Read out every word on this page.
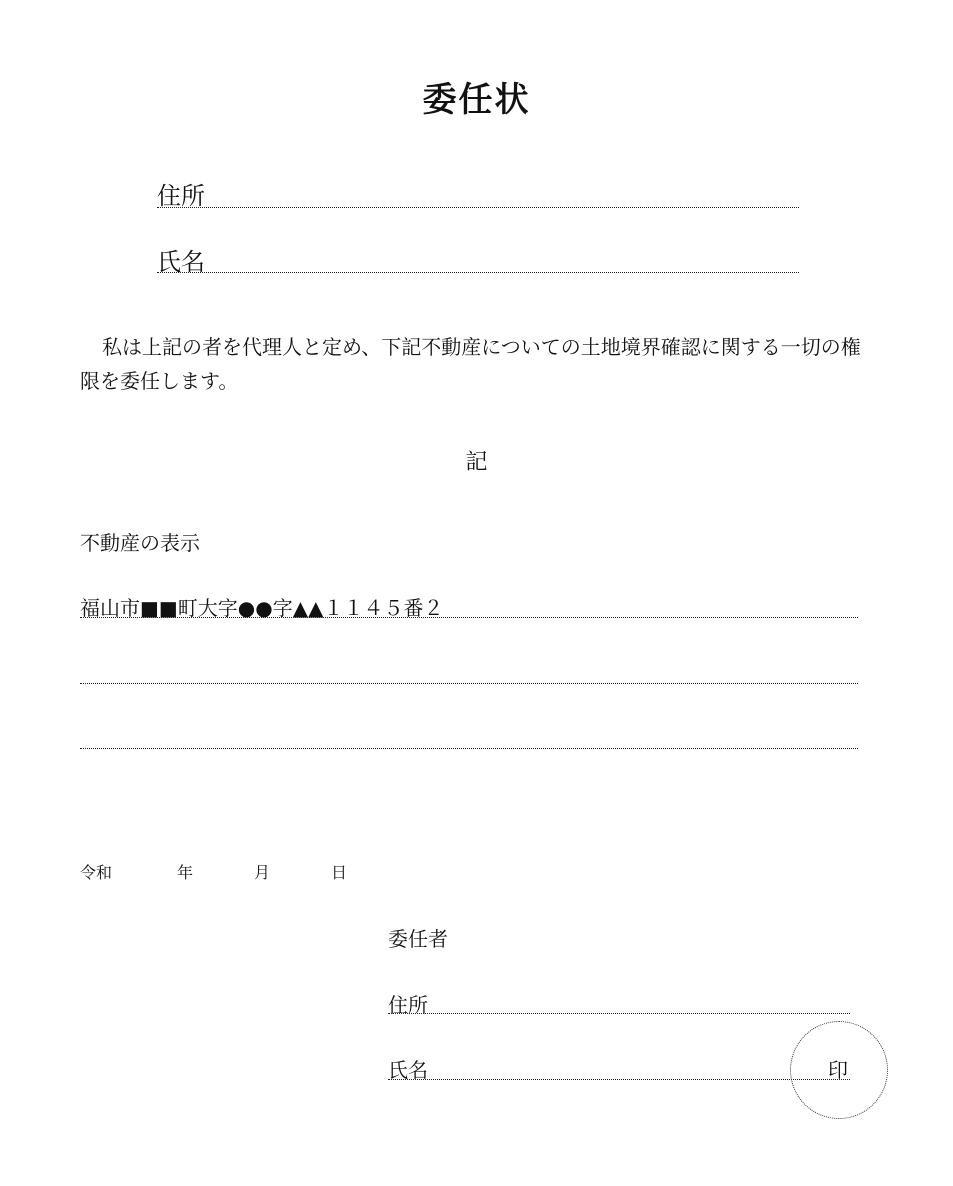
委任状
住所
氏名
私は上記の者を代理人と定め、下記不動産についての土地境界確認に関する一切の権限を委任します。
記
不動産の表示
福山市■■町大字●●字▲▲１１４５番２
令和	年	月	日
委任者
住所
氏名	印
